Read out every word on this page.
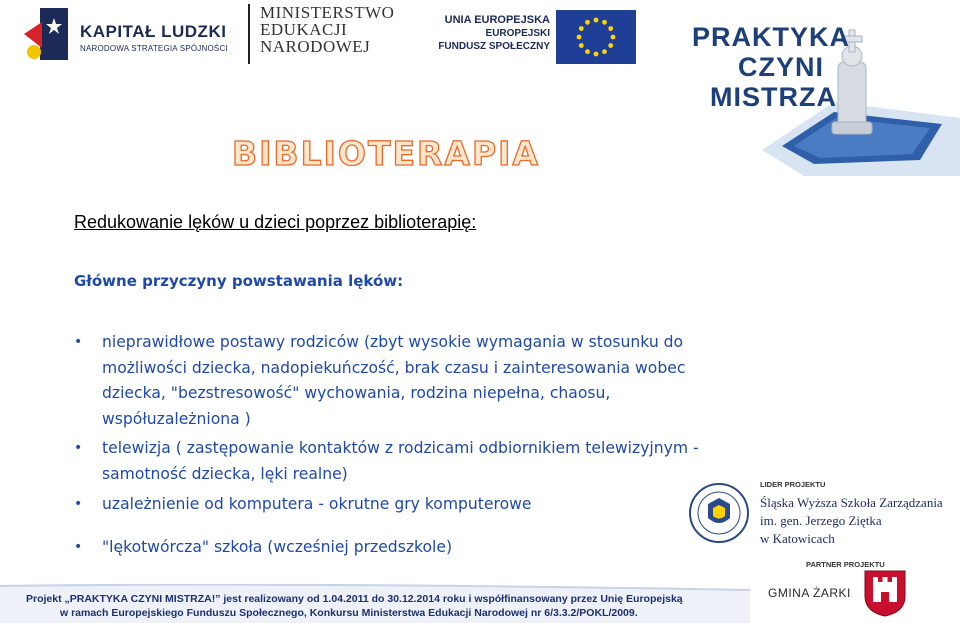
KAPITAŁ LUDZKI
NARODOWA STRATEGIA SPÓJNOŚCI
MINISTERSTWO
EDUKACJI
NARODOWEJ
UNIA EUROPEJSKA
EUROPEJSKI
FUNDUSZ SPOŁECZNY	PRAKTYKA
CZYNI
MISTRZA
BIBLIOTERAPIA
Redukowanie lęków u dzieci poprzez biblioterapię:
Główne przyczyny powstawania lęków:
• nieprawidłowe postawy rodziców (zbyt wysokie wymagania w stosunku do
możliwości dziecka, nadopiekuńczość, brak czasu i zainteresowania wobec
dziecka, "bezstresowość" wychowania, rodzina niepełna, chaosu,
współuzależniona )
• telewizja ( zastępowanie kontaktów z rodzicami odbiornikiem telewizyjnym -
samotność dziecka, lęki realne)
• uzależnienie od komputera - okrutne gry komputerowe
• "lękotwórcza" szkoła (wcześniej przedszkole)
LIDER PROJEKTU
Śląska Wyższa Szkoła Zarządzania
im. gen. Jerzego Ziętka
w Katowicach
PARTNER PROJEKTU
GMINA ŻARKI
Projekt „PRAKTYKA CZYNI MISTRZA!” jest realizowany od 1.04.2011 do 30.12.2014 roku i współfinansowany przez Unię Europejską
w ramach Europejskiego Funduszu Społecznego, Konkursu Ministerstwa Edukacji Narodowej nr 6/3.3.2/POKL/2009.
